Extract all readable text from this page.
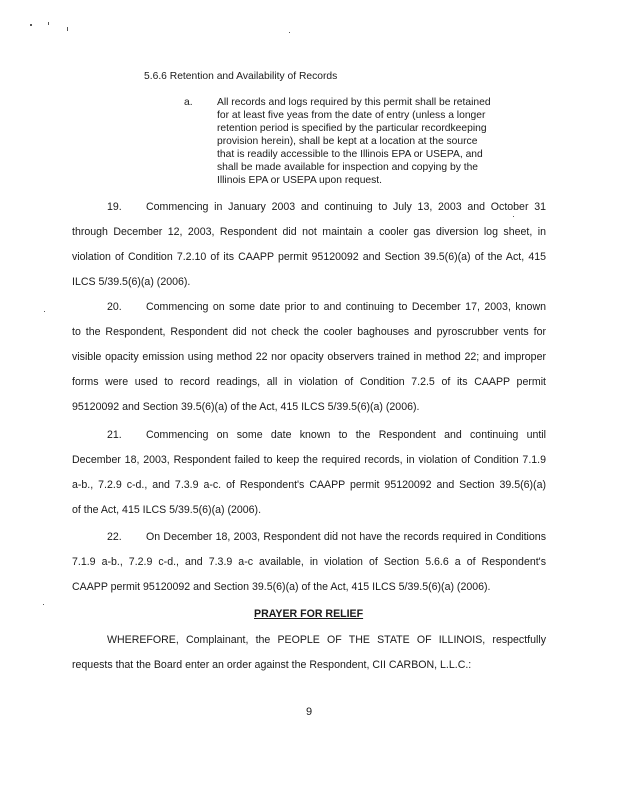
5.6.6 Retention and Availability of Records
a. All records and logs required by this permit shall be retained
for at least five yeas from the date of entry (unless a longer
retention period is specified by the particular recordkeeping
provision herein), shall be kept at a location at the source
that is readily accessible to the Illinois EPA or USEPA, and
shall be made available for inspection and copying by the
Illinois EPA or USEPA upon request.
19. Commencing in January 2003 and continuing to July 13, 2003 and October 31
through December 12, 2003, Respondent did not maintain a cooler gas diversion log sheet, in
violation of Condition 7.2.10 of its CAAPP permit 95120092 and Section 39.5(6)(a) of the Act, 415
ILCS 5/39.5(6)(a) (2006).
20. Commencing on some date prior to and continuing to December 17, 2003, known
to the Respondent, Respondent did not check the cooler baghouses and pyroscrubber vents for
visible opacity emission using method 22 nor opacity observers trained in method 22; and improper
forms were used to record readings, all in violation of Condition 7.2.5 of its CAAPP permit
95120092 and Section 39.5(6)(a) of the Act, 415 ILCS 5/39.5(6)(a) (2006).
21. Commencing on some date known to the Respondent and continuing until
December 18, 2003, Respondent failed to keep the required records, in violation of Condition 7.1.9
a-b., 7.2.9 c-d., and 7.3.9 a-c. of Respondent's CAAPP permit 95120092 and Section 39.5(6)(a)
of the Act, 415 ILCS 5/39.5(6)(a) (2006).
22. On December 18, 2003, Respondent did not have the records required in Conditions
7.1.9 a-b., 7.2.9 c-d., and 7.3.9 a-c available, in violation of Section 5.6.6 a of Respondent's
CAAPP permit 95120092 and Section 39.5(6)(a) of the Act, 415 ILCS 5/39.5(6)(a) (2006).
PRAYER FOR RELIEF
WHEREFORE, Complainant, the PEOPLE OF THE STATE OF ILLINOIS, respectfully
requests that the Board enter an order against the Respondent, CII CARBON, L.L.C.:
9
